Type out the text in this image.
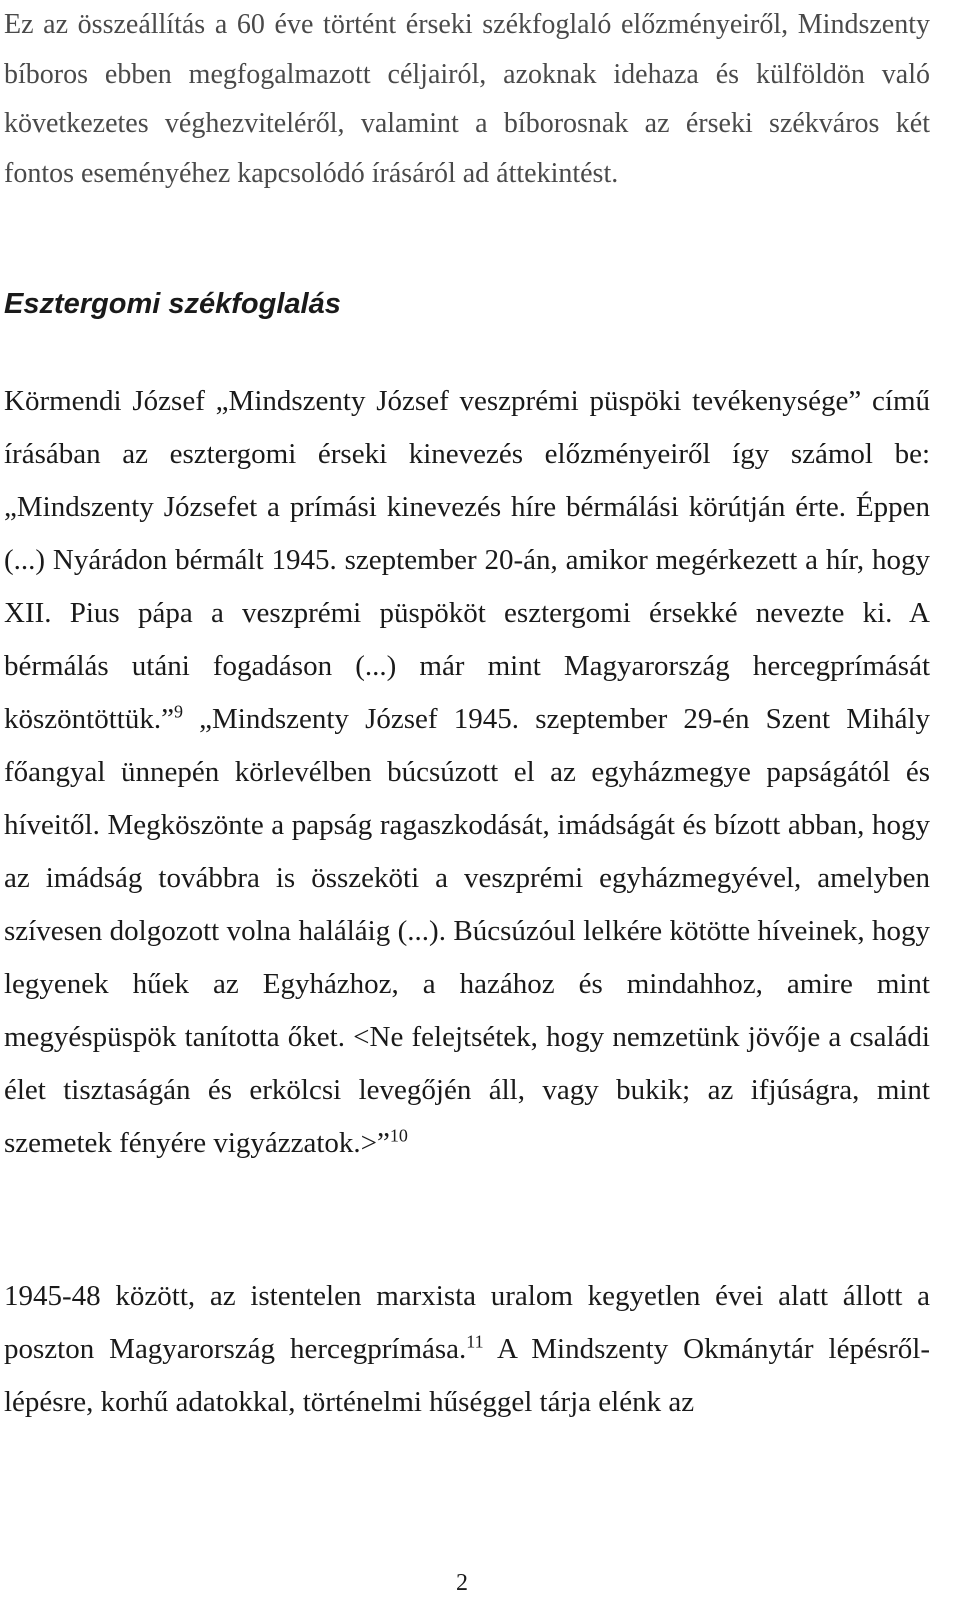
Ez az összeállítás a 60 éve történt érseki székfoglaló előzményeiről, Mindszenty bíboros ebben megfogalmazott céljairól, azoknak idehaza és külföldön való következetes véghezviteléről, valamint a bíborosnak az érseki székváros két fontos eseményéhez kapcsolódó írásáról ad áttekintést.

Esztergomi székfoglalás

Körmendi József „Mindszenty József veszprémi püspöki tevékenysége” című írásában az esztergomi érseki kinevezés előzményeiről így számol be: „Mindszenty Józsefet a prímási kinevezés híre bérmálási körútján érte. Éppen (...) Nyárádon bérmált 1945. szeptember 20-án, amikor megérkezett a hír, hogy XII. Pius pápa a veszprémi püspököt esztergomi érsekké nevezte ki. A bérmálás utáni fogadáson (...) már mint Magyarország hercegprímását köszöntöttük.”$^9$ „Mindszenty József 1945. szeptember 29-én Szent Mihály főangyal ünnepén körlevélben búcsúzott el az egyházmegye papságától és híveitől. Megköszönte a papság ragaszkodását, imádságát és bízott abban, hogy az imádság továbbra is összeköti a veszprémi egyházmegyével, amelyben szívesen dolgozott volna haláláig (...). Búcsúzóul lelkére kötötte híveinek, hogy legyenek hűek az Egyházhoz, a hazához és mindahhoz, amire mint megyéspüspök tanította őket. <Ne felejtsétek, hogy nemzetünk jövője a családi élet tisztaságán és erkölcsi levegőjén áll, vagy bukik; az ifjúságra, mint szemetek fényére vigyázzatok.>”$^{10}$

1945-48 között, az istentelen marxista uralom kegyetlen évei alatt állott a poszton Magyarország hercegprímása.$^{11}$ A Mindszenty Okmánytár lépésről-lépésre, korhű adatokkal, történelmi hűséggel tárja elénk az

2
